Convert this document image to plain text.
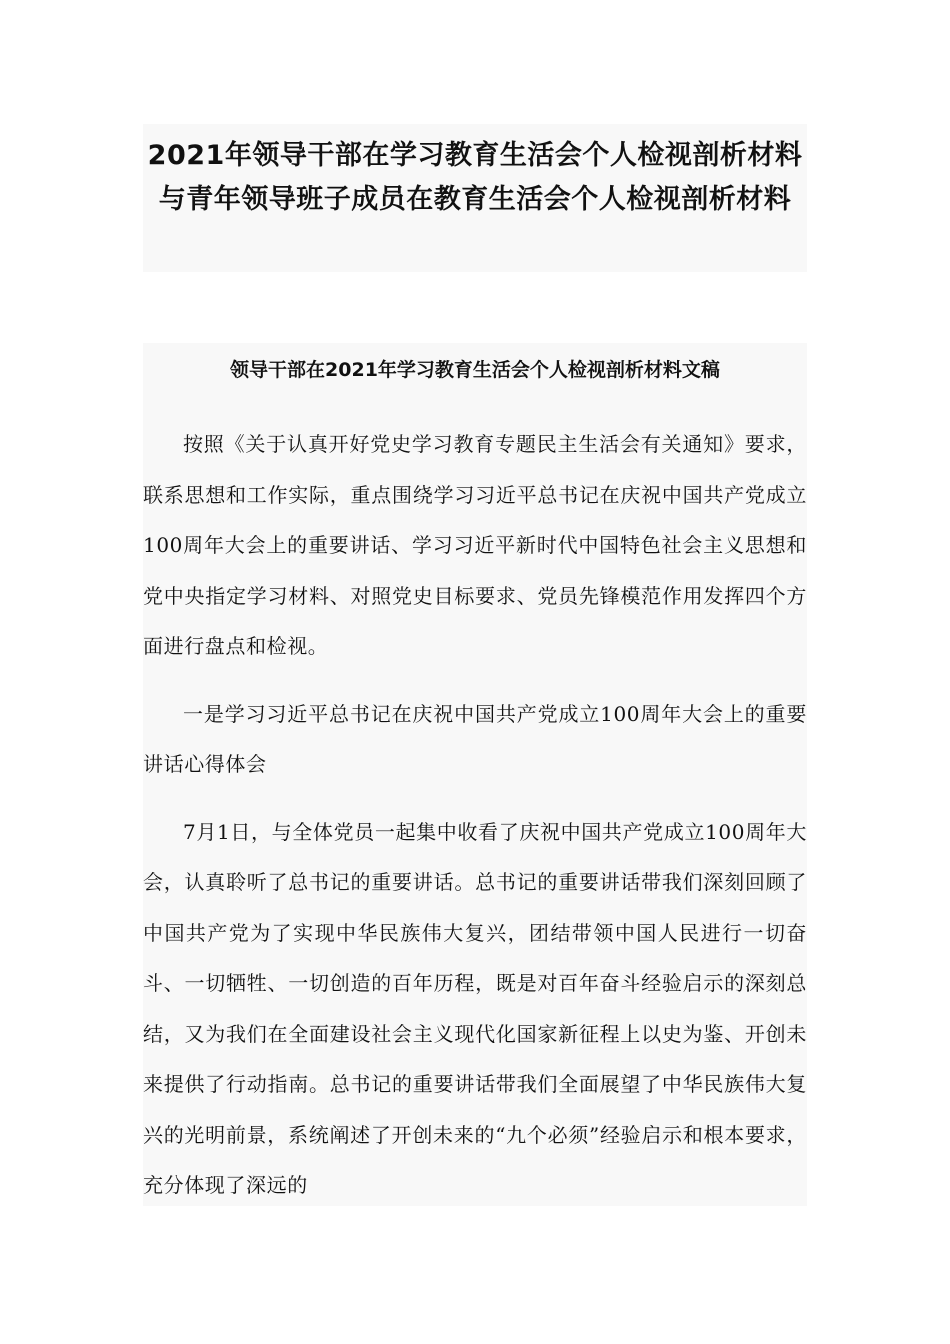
2021年领导干部在学习教育生活会个人检视剖析材料与青年领导班子成员在教育生活会个人检视剖析材料
领导干部在2021年学习教育生活会个人检视剖析材料文稿

按照《关于认真开好党史学习教育专题民主生活会有关通知》要求，联系思想和工作实际，重点围绕学习习近平总书记在庆祝中国共产党成立100周年大会上的重要讲话、学习习近平新时代中国特色社会主义思想和党中央指定学习材料、对照党史目标要求、党员先锋模范作用发挥四个方面进行盘点和检视。

一是学习习近平总书记在庆祝中国共产党成立100周年大会上的重要讲话心得体会

7月1日，与全体党员一起集中收看了庆祝中国共产党成立100周年大会，认真聆听了总书记的重要讲话。总书记的重要讲话带我们深刻回顾了中国共产党为了实现中华民族伟大复兴，团结带领中国人民进行一切奋斗、一切牺牲、一切创造的百年历程，既是对百年奋斗经验启示的深刻总结，又为我们在全面建设社会主义现代化国家新征程上以史为鉴、开创未来提供了行动指南。总书记的重要讲话带我们全面展望了中华民族伟大复兴的光明前景，系统阐述了开创未来的“九个必须”经验启示和根本要求，充分体现了深远的
